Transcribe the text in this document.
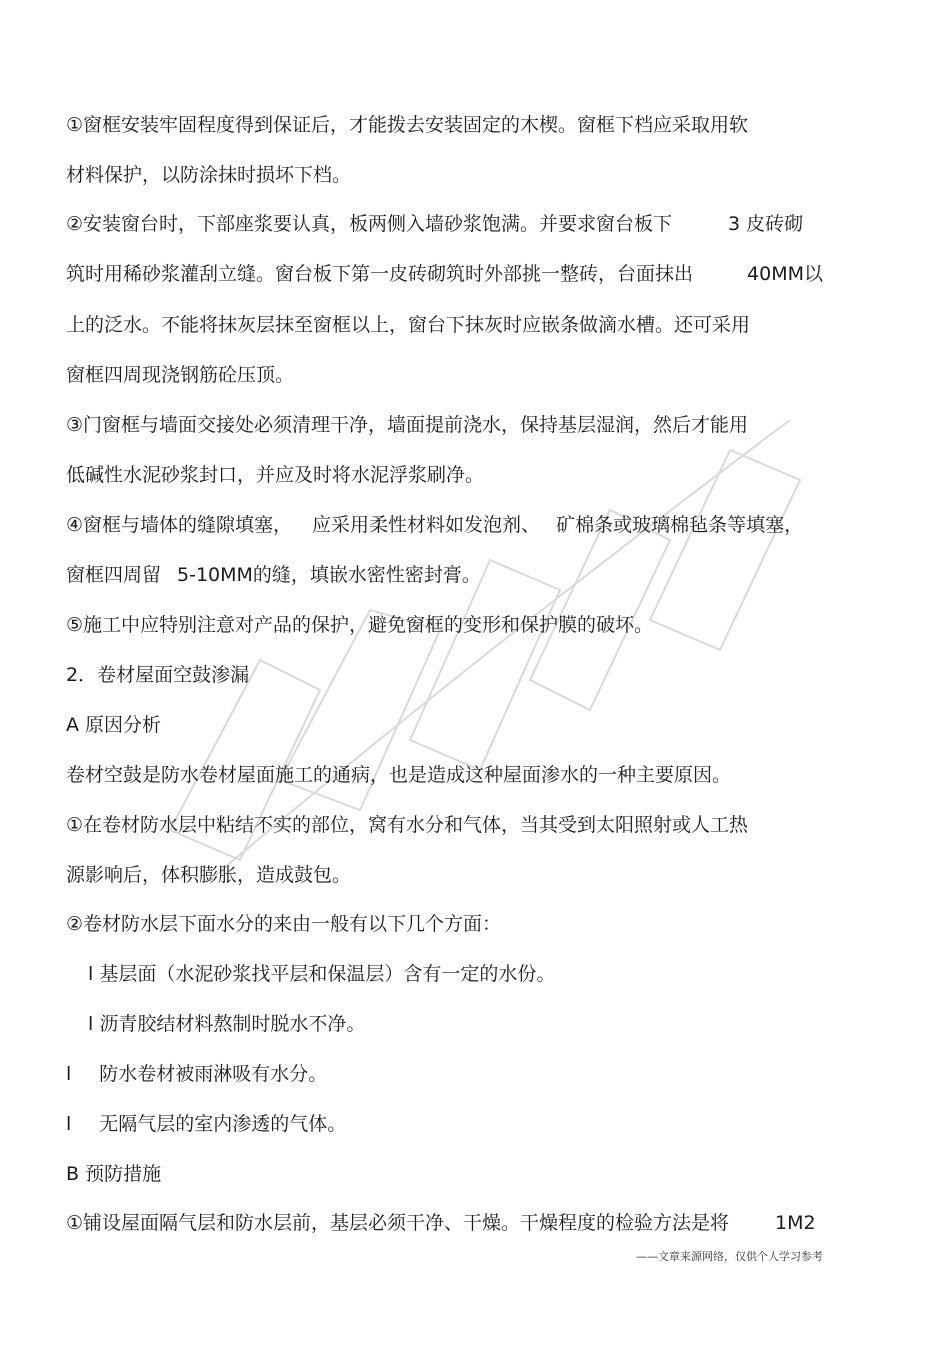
①窗框安装牢固程度得到保证后，才能拨去安装固定的木楔。窗框下档应采取用软

材料保护，以防涂抹时损坏下档。

②安装窗台时，下部座浆要认真，板两侧入墙砂浆饱满。并要求窗台板下	3 皮砖砌

筑时用稀砂浆灌刮立缝。窗台板下第一皮砖砌筑时外部挑一整砖，台面抹出	40MM以

上的泛水。不能将抹灰层抹至窗框以上，窗台下抹灰时应嵌条做滴水槽。还可采用

窗框四周现浇钢筋砼压顶。

③门窗框与墙面交接处必须清理干净，墙面提前浇水，保持基层湿润，然后才能用

低碱性水泥砂浆封口，并应及时将水泥浮浆刷净。

④窗框与墙体的缝隙填塞， 应采用柔性材料如发泡剂、 矿棉条或玻璃棉毡条等填塞，

窗框四周留 5-10MM的缝，填嵌水密性密封膏。

⑤施工中应特别注意对产品的保护，避免窗框的变形和保护膜的破坏。

2．卷材屋面空鼓渗漏

A 原因分析

卷材空鼓是防水卷材屋面施工的通病，也是造成这种屋面渗水的一种主要原因。

①在卷材防水层中粘结不实的部位，窝有水分和气体，当其受到太阳照射或人工热

源影响后，体积膨胀，造成鼓包。

②卷材防水层下面水分的来由一般有以下几个方面：

l 基层面（水泥砂浆找平层和保温层）含有一定的水份。

l 沥青胶结材料熬制时脱水不净。

l 防水卷材被雨淋吸有水分。

l 无隔气层的室内渗透的气体。

B 预防措施

①铺设屋面隔气层和防水层前，基层必须干净、干燥。干燥程度的检验方法是将 1M2

——文章来源网络，仅供个人学习参考
